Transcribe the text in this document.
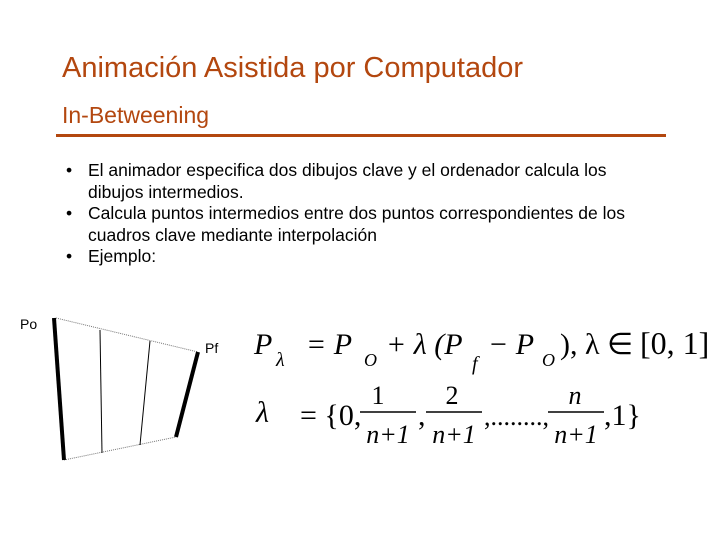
Animación Asistida por Computador
In-Betweening
• El animador especifica dos dibujos clave y el ordenador calcula los dibujos intermedios.
• Calcula puntos intermedios entre dos puntos correspondientes de los cuadros clave mediante interpolación
• Ejemplo:
Po
Pf P λ = P O + λ (P
f
− P O ), λ ∈ [0, 1]
λ = {0,
1
n+1
,
2
n+1
,........,
n
n+1
,1}
